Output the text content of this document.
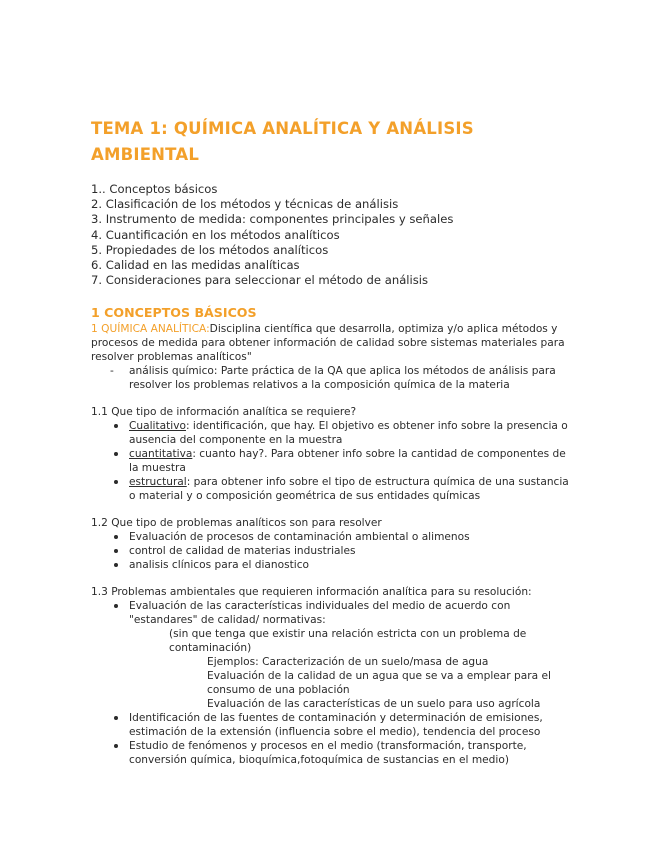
TEMA 1: QUÍMICA ANALÍTICA Y ANÁLISIS AMBIENTAL
1.. Conceptos básicos
2. Clasificación de los métodos y técnicas de análisis
3. Instrumento de medida: componentes principales y señales
4. Cuantificación en los métodos analíticos
5. Propiedades de los métodos analíticos
6. Calidad en las medidas analíticas
7. Consideraciones para seleccionar el método de análisis
1 CONCEPTOS BÁSICOS

1 QUÍMICA ANALÍTICA:Disciplina científica que desarrolla, optimiza y/o aplica métodos y procesos de medida para obtener información de calidad sobre sistemas materiales para resolver problemas analíticos"

- análisis químico: Parte práctica de la QA que aplica los métodos de análisis para resolver los problemas relativos a la composición química de la materia

1.1 Que tipo de información analítica se requiere?

Cualitativo: identificación, que hay. El objetivo es obtener info sobre la presencia o ausencia del componente en la muestra
cuantitativa: cuanto hay?. Para obtener info sobre la cantidad de componentes de la muestra
estructural: para obtener info sobre el tipo de estructura química de una sustancia o material y o composición geométrica de sus entidades químicas

1.2 Que tipo de problemas analíticos son para resolver

Evaluación de procesos de contaminación ambiental o alimenos
control de calidad de materias industriales
analisis clínicos para el dianostico

1.3 Problemas ambientales que requieren información analítica para su resolución:

Evaluación de las características individuales del medio de acuerdo con "estandares" de calidad/ normativas:

(sin que tenga que existir una relación estricta con un problema de contaminación)

Ejemplos: Caracterización de un suelo/masa de agua

Evaluación de la calidad de un agua que se va a emplear para el consumo de una población

Evaluación de las características de un suelo para uso agrícola

Identificación de las fuentes de contaminación y determinación de emisiones, estimación de la extensión (influencia sobre el medio), tendencia del proceso
Estudio de fenómenos y procesos en el medio (transformación, transporte, conversión química, bioquímica,fotoquímica de sustancias en el medio)
